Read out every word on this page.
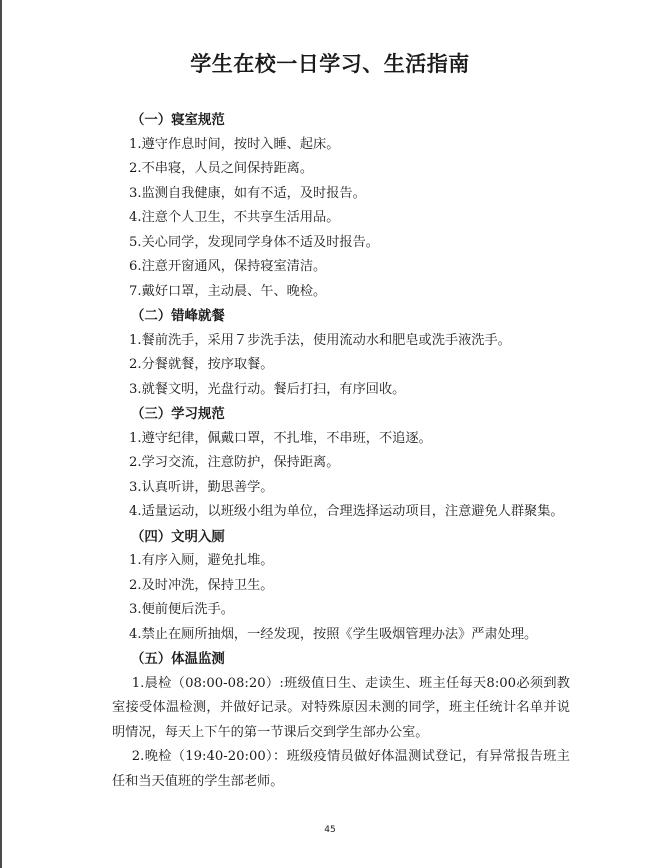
学生在校一日学习、生活指南
（一）寝室规范
1.遵守作息时间，按时入睡、起床。
2.不串寝，人员之间保持距离。
3.监测自我健康，如有不适，及时报告。
4.注意个人卫生，不共享生活用品。
5.关心同学，发现同学身体不适及时报告。
6.注意开窗通风，保持寝室清洁。
7.戴好口罩，主动晨、午、晚检。
（二）错峰就餐
1.餐前洗手，采用７步洗手法，使用流动水和肥皂或洗手液洗手。
2.分餐就餐，按序取餐。
3.就餐文明，光盘行动。餐后打扫，有序回收。
（三）学习规范
1.遵守纪律，佩戴口罩，不扎堆，不串班，不追逐。
2.学习交流，注意防护，保持距离。
3.认真听讲，勤思善学。
4.适量运动，以班级小组为单位，合理选择运动项目，注意避免人群聚集。
（四）文明入厕
1.有序入厕，避免扎堆。
2.及时冲洗，保持卫生。
3.便前便后洗手。
4.禁止在厕所抽烟，一经发现，按照《学生吸烟管理办法》严肃处理。
（五）体温监测
1.晨检（08:00-08:20）:班级值日生、走读生、班主任每天8:00必须到教室接受体温检测，并做好记录。对特殊原因未测的同学，班主任统计名单并说明情况，每天上下午的第一节课后交到学生部办公室。
2.晚检（19:40-20:00）：班级疫情员做好体温测试登记，有异常报告班主任和当天值班的学生部老师。
45
